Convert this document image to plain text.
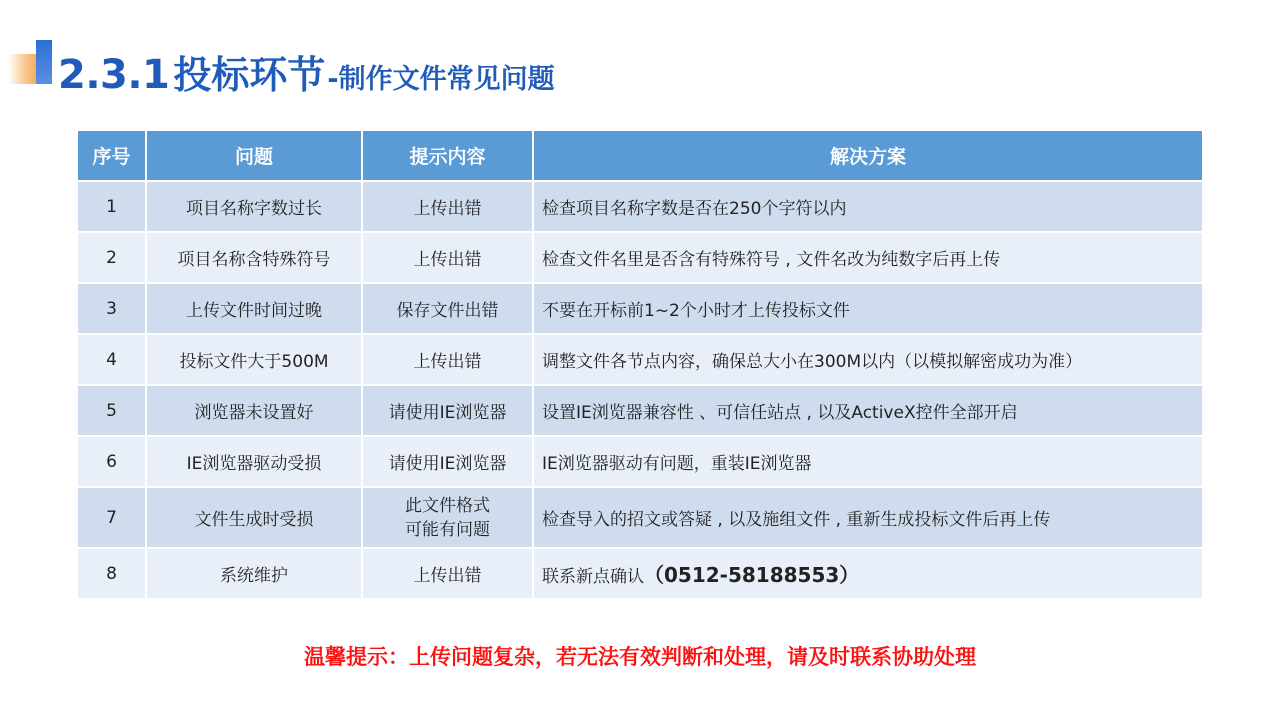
2.3.1 投标环节 -制作文件常见问题
序号	问题	提示内容	解决方案
1	项目名称字数过长	上传出错	检查项目名称字数是否在250个字符以内
2	项目名称含特殊符号	上传出错	检查文件名里是否含有特殊符号 , 文件名改为纯数字后再上传
3	上传文件时间过晚	保存文件出错	不要在开标前1~2个小时才上传投标文件
4	投标文件大于500M	上传出错	调整文件各节点内容，确保总大小在300M以内（以模拟解密成功为准）
5	浏览器未设置好	请使用IE浏览器	设置IE浏览器兼容性 、可信任站点 , 以及ActiveX控件全部开启
6	IE浏览器驱动受损	请使用IE浏览器	IE浏览器驱动有问题，重装IE浏览器
7	文件生成时受损	此文件格式
可能有问题	检查导入的招文或答疑 , 以及施组文件 , 重新生成投标文件后再上传
8	系统维护	上传出错	联系新点确认（0512-58188553）
温馨提示：上传问题复杂，若无法有效判断和处理，请及时联系协助处理
